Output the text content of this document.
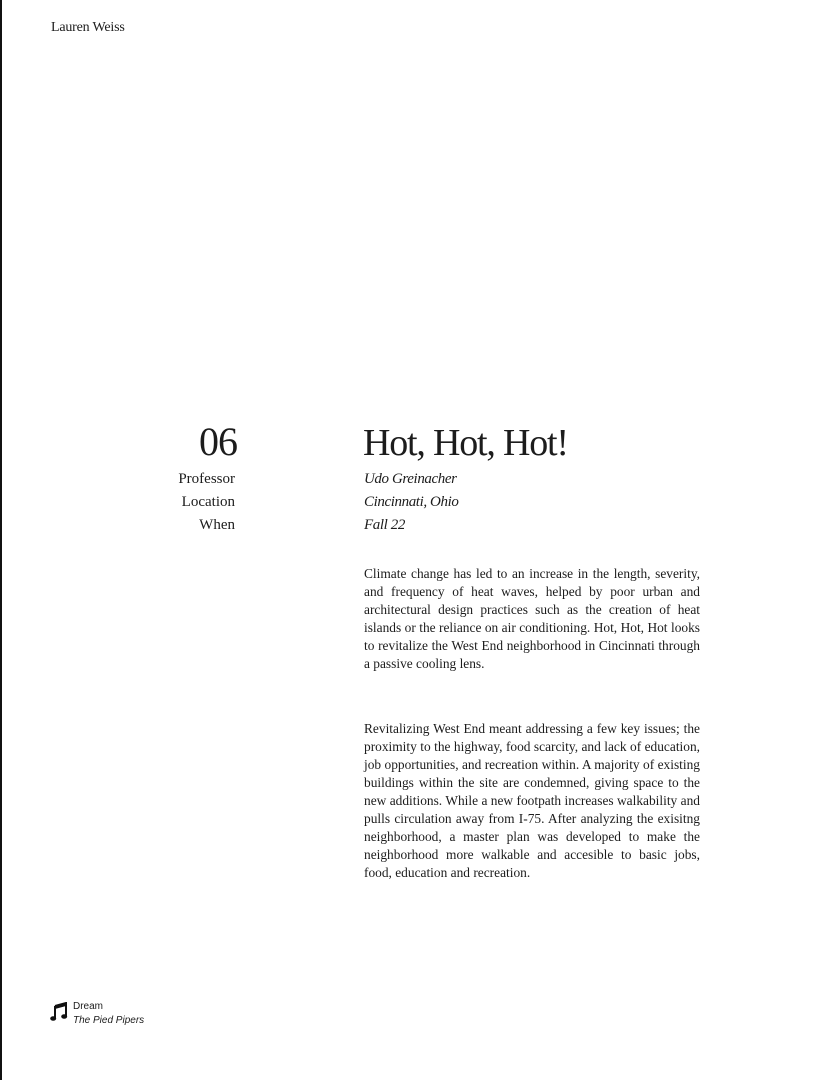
Lauren Weiss
06
Professor
Location
When
Hot, Hot, Hot!
Udo Greinacher
Cincinnati, Ohio
Fall 22

Climate change has led to an increase in the length, severity, and frequency of heat waves, helped by poor urban and architectural design practices such as the creation of heat islands or the reliance on air conditioning. Hot, Hot, Hot looks to revitalize the West End neighborhood in Cincinnati through a passive cooling lens.

Revitalizing West End meant addressing a few key issues; the proximity to the highway, food scarcity, and lack of education, job opportunities, and recreation within. A majority of existing buildings within the site are condemned, giving space to the new additions. While a new footpath increases walkability and pulls circulation away from I-75. After analyzing the exisitng neighborhood, a master plan was developed to make the neighborhood more walkable and accesible to basic jobs, food, education and recreation.

Dream
The Pied Pipers
